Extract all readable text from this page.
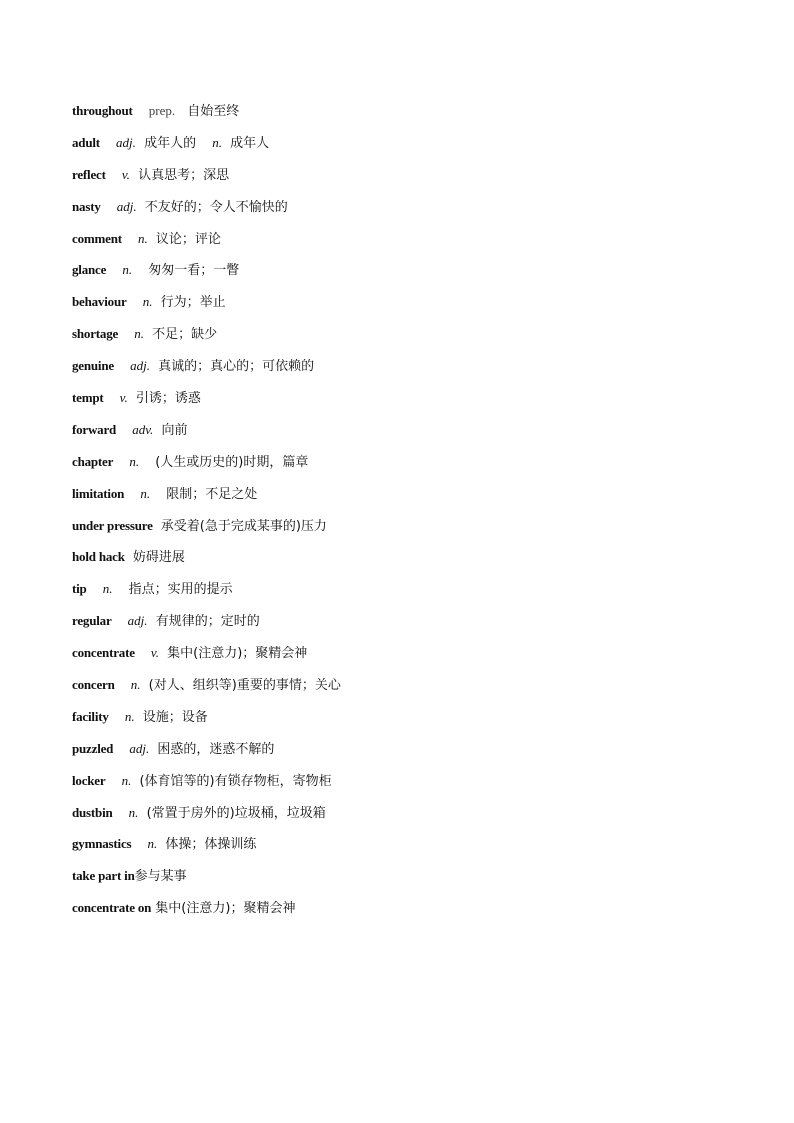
throughout prep. 自始至终
adult adj. 成年人的 n. 成年人
reflect v. 认真思考；深思
nasty adj. 不友好的；令人不愉快的
comment n. 议论；评论
glance n. 匆匆一看；一瞥
behaviour n. 行为；举止
shortage n. 不足；缺少
genuine adj. 真诚的；真心的；可依赖的
tempt v. 引诱；诱惑
forward adv. 向前
chapter n. (人生或历史的)时期，篇章
limitation n. 限制；不足之处
under pressure 承受着(急于完成某事的)压力
hold hack 妨碍进展
tip n. 指点；实用的提示
regular adj. 有规律的；定时的
concentrate v. 集中(注意力)；聚精会神
concern n. (对人、组织等)重要的事情；关心
facility n. 设施；设备
puzzled adj. 困惑的，迷惑不解的
locker n. (体育馆等的)有锁存物柜，寄物柜
dustbin n. (常置于房外的)垃圾桶，垃圾箱
gymnastics n. 体操；体操训练
take part in参与某事
concentrate on 集中(注意力)；聚精会神
